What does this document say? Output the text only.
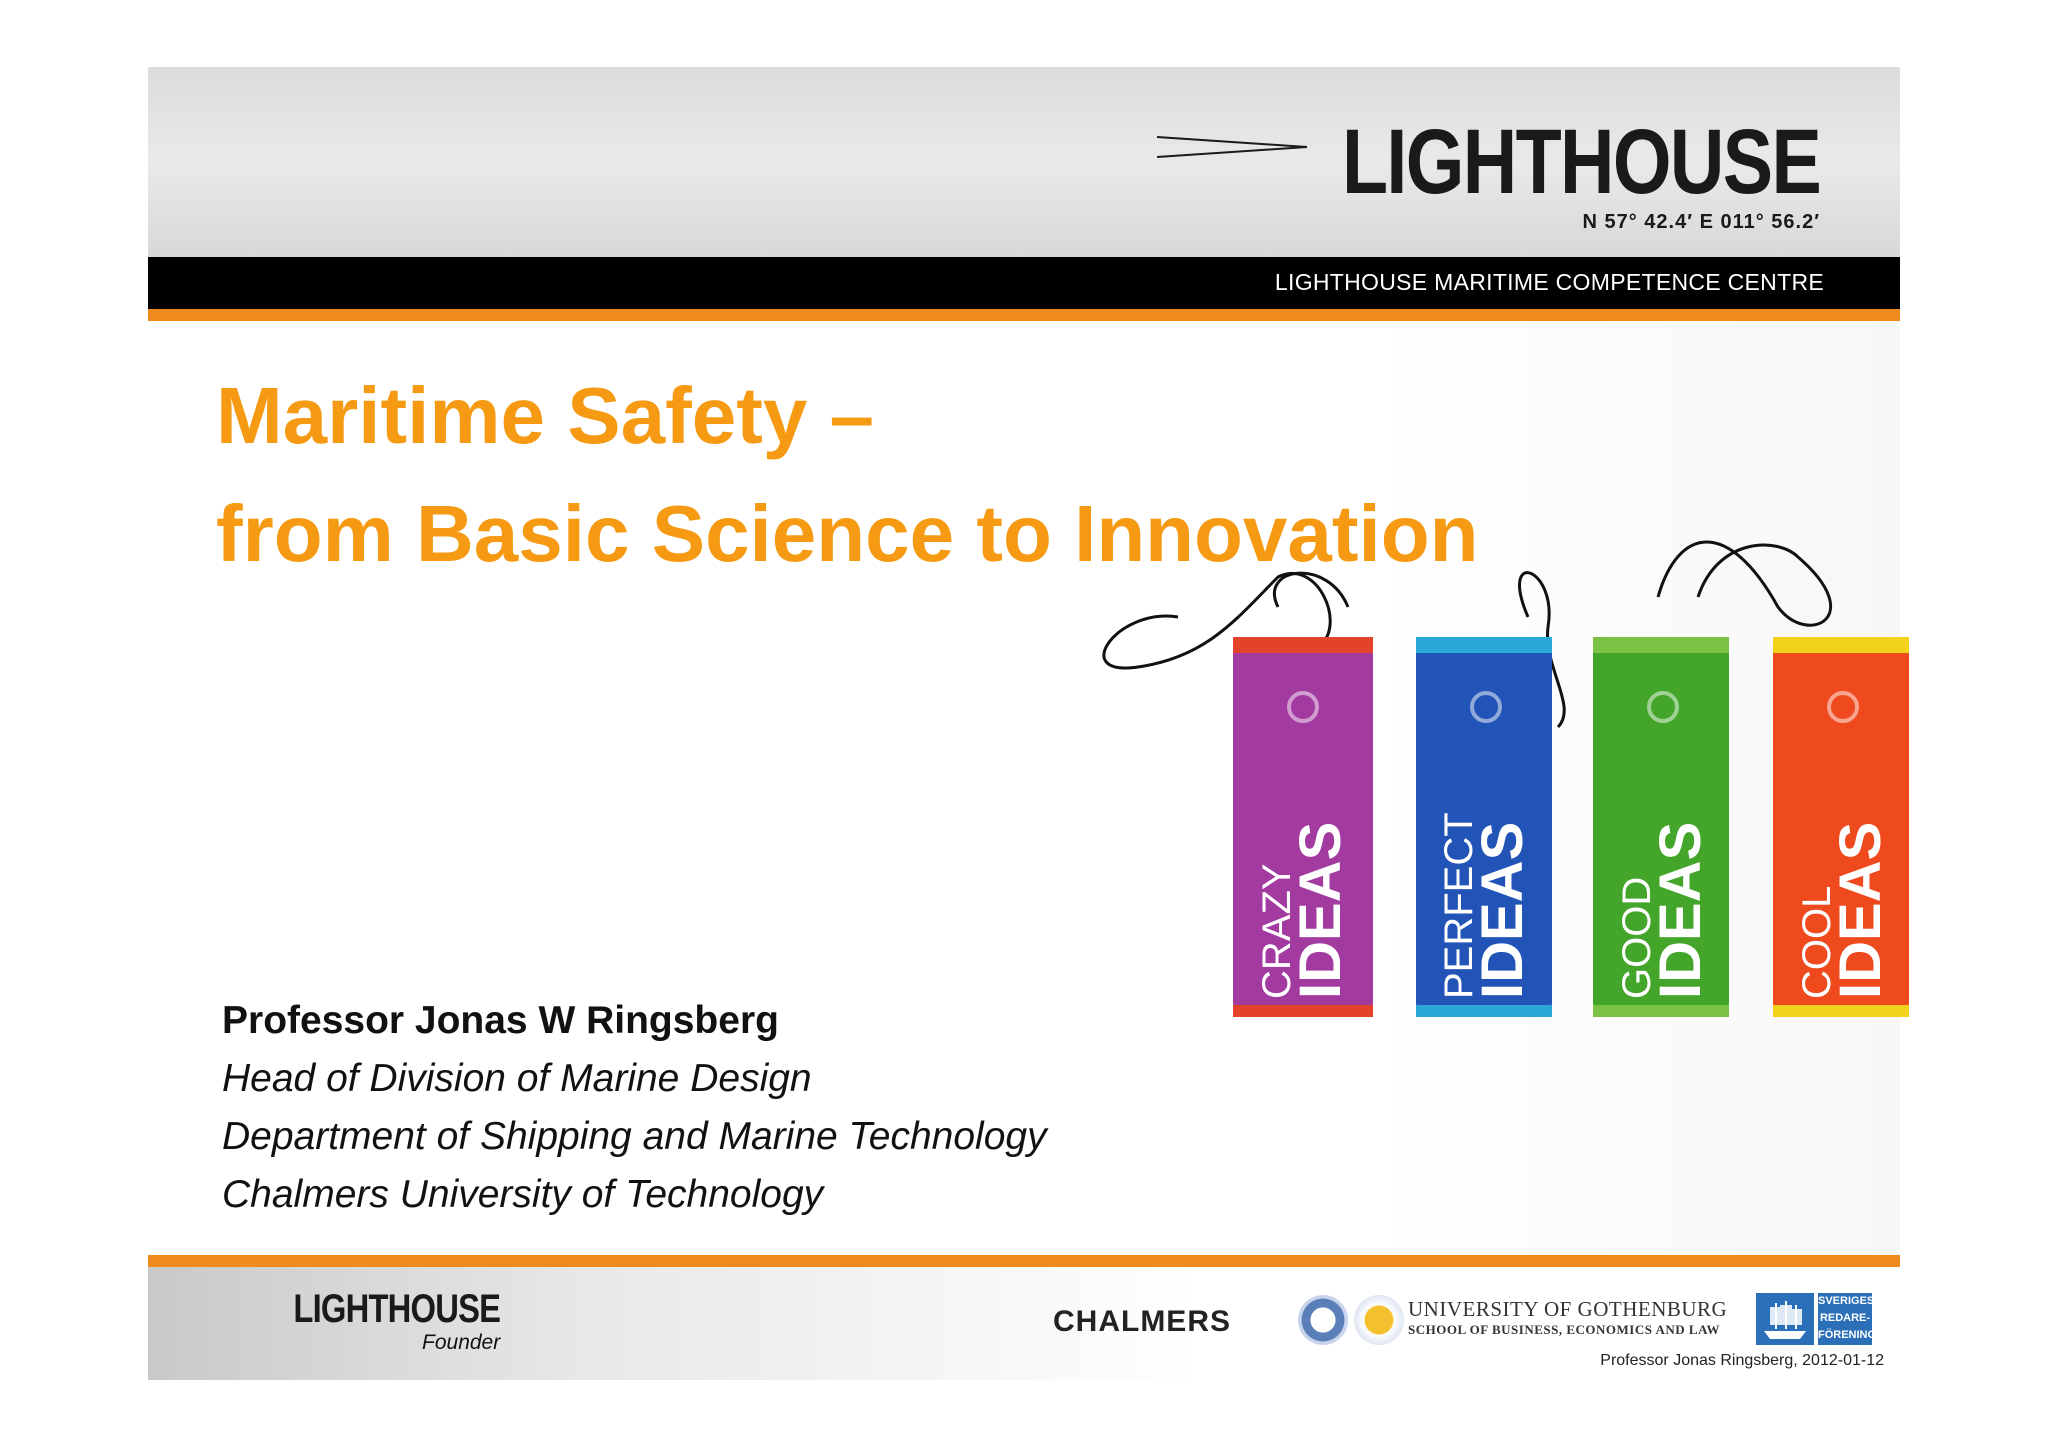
LIGHTHOUSE
N 57° 42.4′ E 011° 56.2′
LIGHTHOUSE MARITIME COMPETENCE CENTRE
Maritime Safety –
from Basic Science to Innovation
CRAZY
IDEAS PERFECT
IDEAS GOOD
IDEAS COOL
IDEAS
Professor Jonas W Ringsberg
Head of Division of Marine Design
Department of Shipping and Marine Technology
Chalmers University of Technology
LIGHTHOUSE
Founder
CHALMERS	UNIVERSITY OF GOTHENBURG
SCHOOL OF BUSINESS, ECONOMICS AND LAW
SVERIGES
REDARE-
FÖRENING
Professor Jonas Ringsberg, 2012-01-12
